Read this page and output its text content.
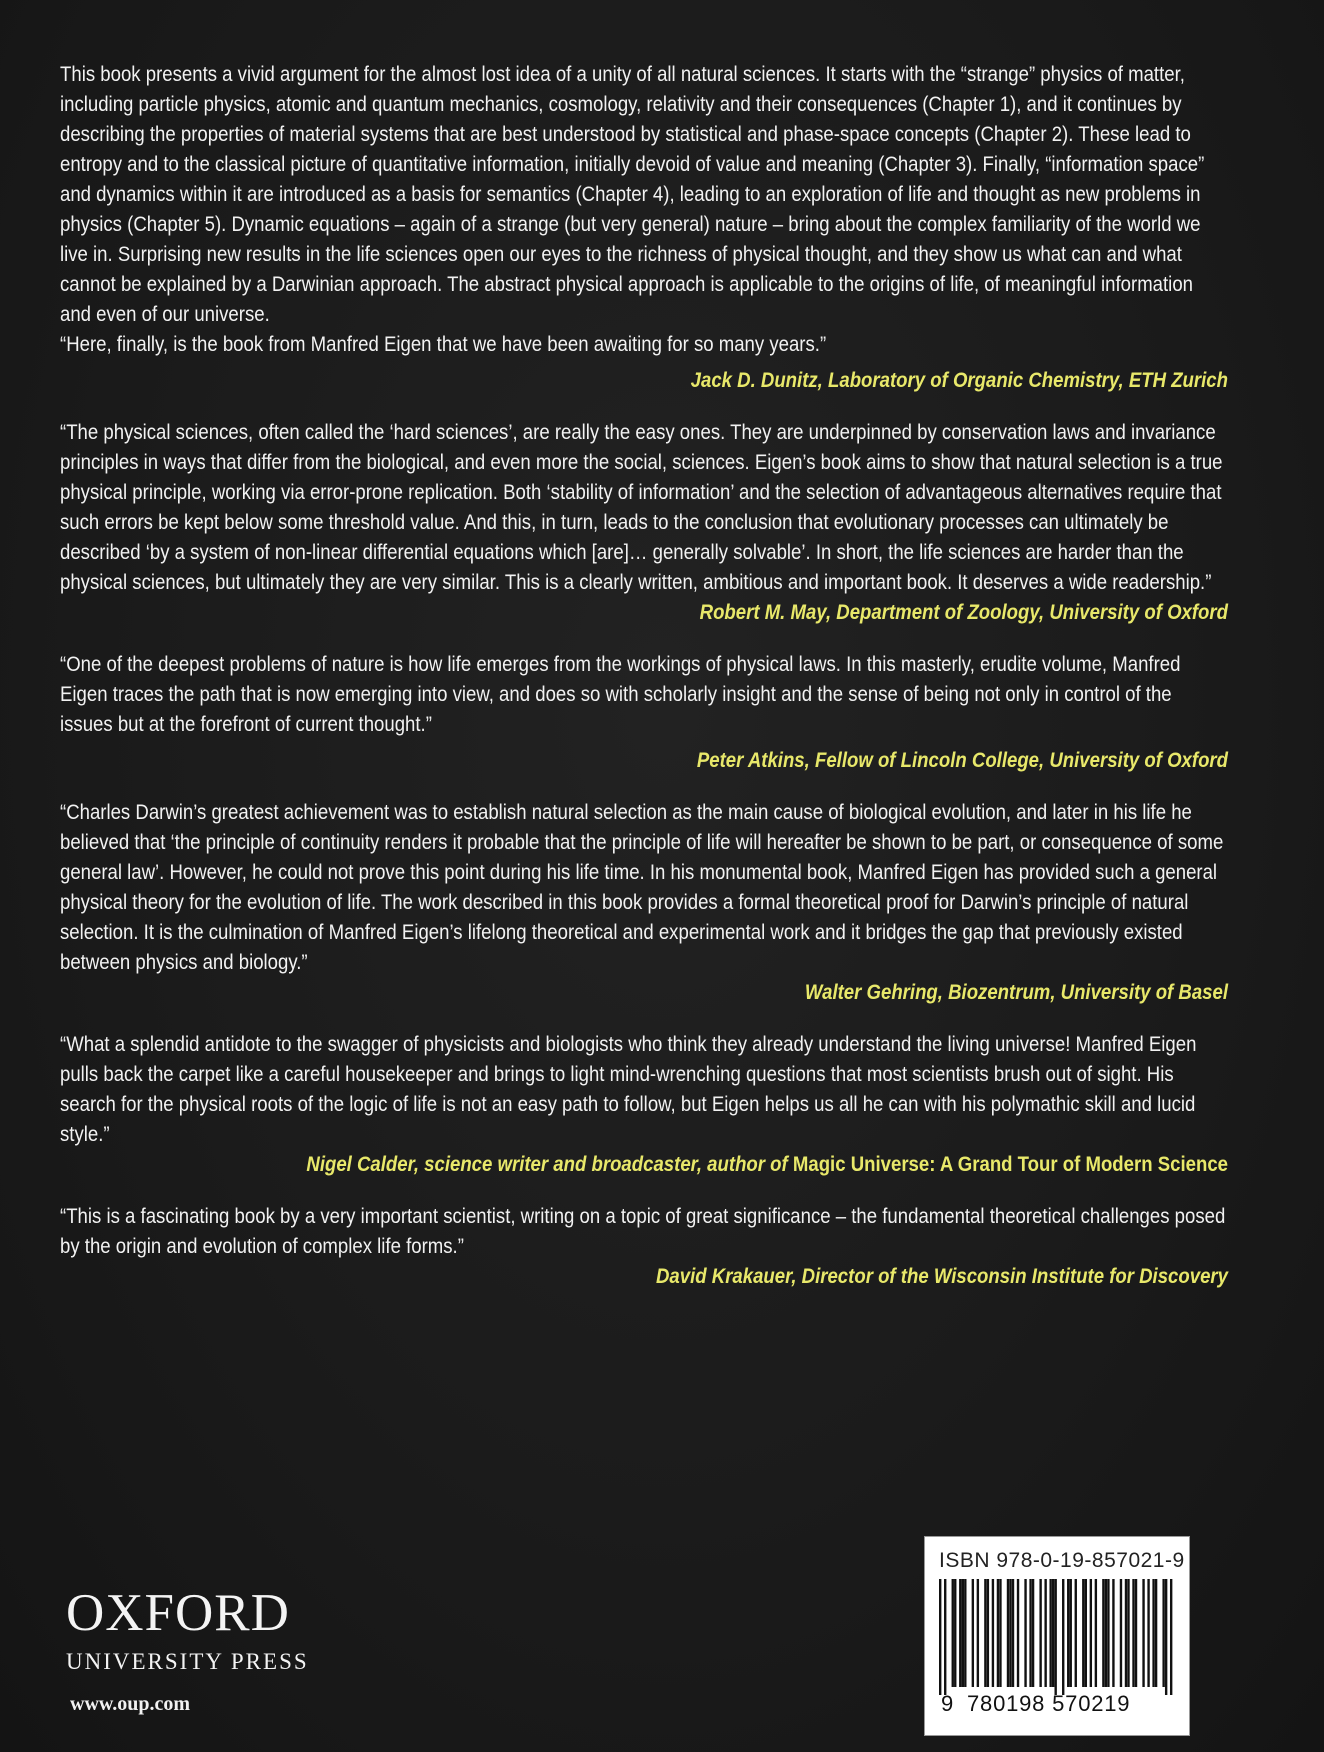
This book presents a vivid argument for the almost lost idea of a unity of all natural sciences. It starts with the “strange” physics of matter, including particle physics, atomic and quantum mechanics, cosmology, relativity and their consequences (Chapter 1), and it continues by describing the properties of material systems that are best understood by statistical and phase-space concepts (Chapter 2). These lead to entropy and to the classical picture of quantitative information, initially devoid of value and meaning (Chapter 3). Finally, “information space” and dynamics within it are introduced as a basis for semantics (Chapter 4), leading to an exploration of life and thought as new problems in physics (Chapter 5). Dynamic equations – again of a strange (but very general) nature – bring about the complex familiarity of the world we live in. Surprising new results in the life sciences open our eyes to the richness of physical thought, and they show us what can and what cannot be explained by a Darwinian approach. The abstract physical approach is applicable to the origins of life, of meaningful information and even of our universe.

“Here, finally, is the book from Manfred Eigen that we have been awaiting for so many years.”

Jack D. Dunitz, Laboratory of Organic Chemistry, ETH Zurich

“The physical sciences, often called the ‘hard sciences’, are really the easy ones. They are underpinned by conservation laws and invariance principles in ways that differ from the biological, and even more the social, sciences. Eigen’s book aims to show that natural selection is a true physical principle, working via error-prone replication. Both ‘stability of information’ and the selection of advantageous alternatives require that such errors be kept below some threshold value. And this, in turn, leads to the conclusion that evolutionary processes can ultimately be described ‘by a system of non-linear differential equations which [are]… generally solvable’. In short, the life sciences are harder than the physical sciences, but ultimately they are very similar. This is a clearly written, ambitious and important book. It deserves a wide readership.”

Robert M. May, Department of Zoology, University of Oxford

“One of the deepest problems of nature is how life emerges from the workings of physical laws. In this masterly, erudite volume, Manfred Eigen traces the path that is now emerging into view, and does so with scholarly insight and the sense of being not only in control of the issues but at the forefront of current thought.”

Peter Atkins, Fellow of Lincoln College, University of Oxford

“Charles Darwin’s greatest achievement was to establish natural selection as the main cause of biological evolution, and later in his life he believed that ‘the principle of continuity renders it probable that the principle of life will hereafter be shown to be part, or consequence of some general law’. However, he could not prove this point during his life time. In his monumental book, Manfred Eigen has provided such a general physical theory for the evolution of life. The work described in this book provides a formal theoretical proof for Darwin’s principle of natural selection. It is the culmination of Manfred Eigen’s lifelong theoretical and experimental work and it bridges the gap that previously existed between physics and biology.”

Walter Gehring, Biozentrum, University of Basel

“What a splendid antidote to the swagger of physicists and biologists who think they already understand the living universe! Manfred Eigen pulls back the carpet like a careful housekeeper and brings to light mind-wrenching questions that most scientists brush out of sight. His search for the physical roots of the logic of life is not an easy path to follow, but Eigen helps us all he can with his polymathic skill and lucid style.”

Nigel Calder, science writer and broadcaster, author of Magic Universe: A Grand Tour of Modern Science

“This is a fascinating book by a very important scientist, writing on a topic of great significance – the fundamental theoretical challenges posed by the origin and evolution of complex life forms.”

David Krakauer, Director of the Wisconsin Institute for Discovery
OXFORD
UNIVERSITY PRESS
www.oup.com
ISBN 978-0-19-857021-9
9 780198 570219
